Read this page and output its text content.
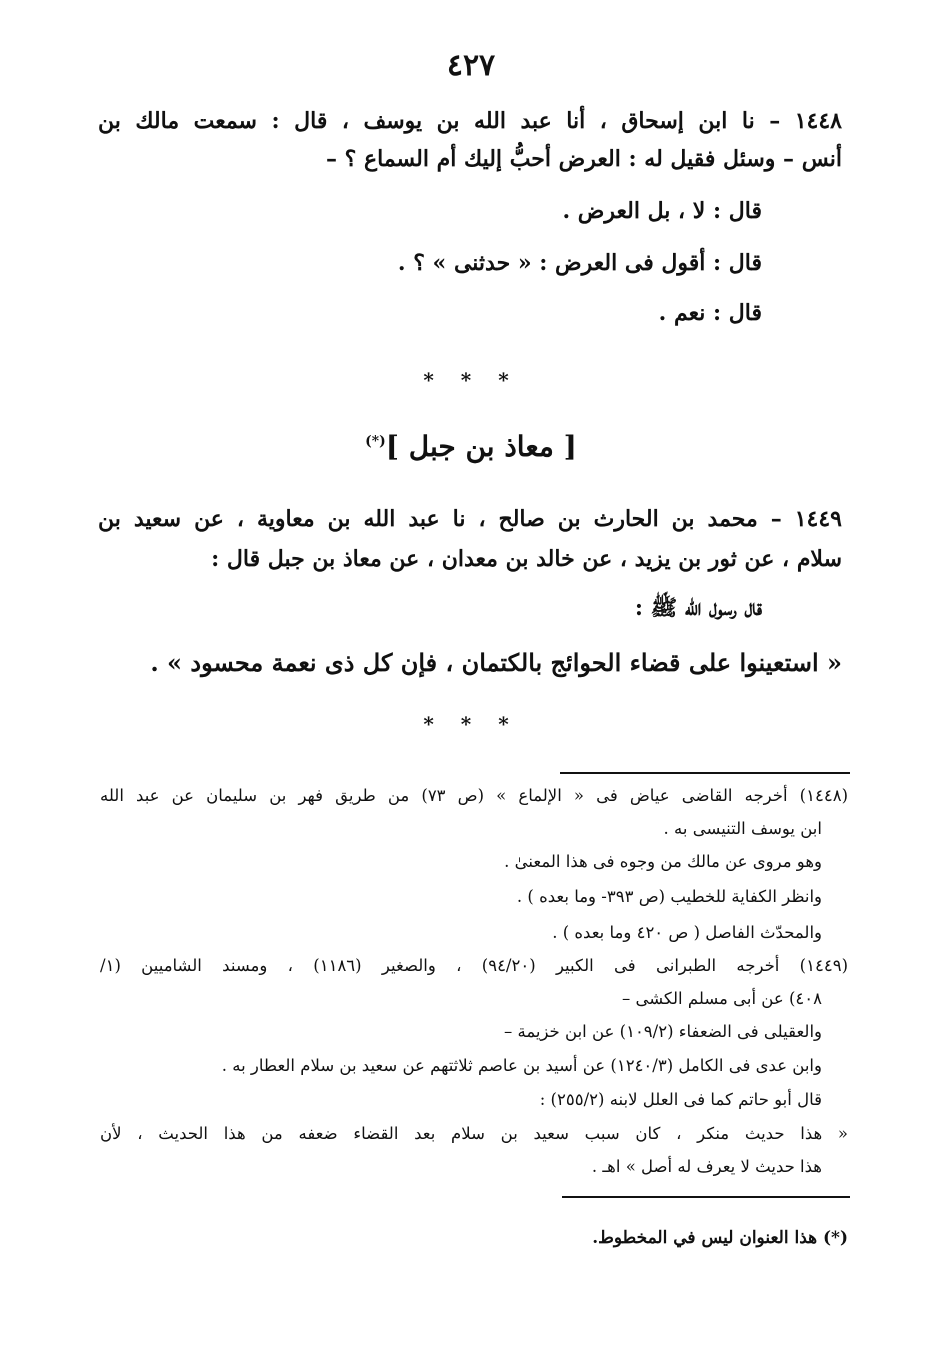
٤٢٧
١٤٤٨ – نا ابن إسحاق ، أنا عبد الله بن يوسف ، قال : سمعت مالك بن
أنس – وسئل فقيل له : العرض أحبُّ إليك أم السماع ؟ –
قال : لا ، بل العرض .
قال : أقول فى العرض : « حدثنى » ؟ .
قال : نعم .
* * *
[ معاذ بن جبل ](*)
١٤٤٩ – محمد بن الحارث بن صالح ، نا عبد الله بن معاوية ، عن سعيد بن
سلام ، عن ثور بن يزيد ، عن خالد بن معدان ، عن معاذ بن جبل قال :
قال رسول الله ﷺ :
« استعينوا على قضاء الحوائج بالكتمان ، فإن كل ذى نعمة محسود » .
* * *
(١٤٤٨) أخرجه القاضى عياض فى « الإلماع » (ص ٧٣) من طريق فهر بن سليمان عن عبد الله
ابن يوسف التنيسى به .
وهو مروى عن مالك من وجوه فى هذا المعنىٰ .
وانظر الكفاية للخطيب (ص ٣٩٣- وما بعده ) .
والمحدّث الفاصل ( ص ٤٢٠ وما بعده ) .
(١٤٤٩) أخرجه الطبرانى فى الكبير (٩٤/٢٠) ، والصغير (١١٨٦) ، ومسند الشاميين (١/
٤٠٨) عن أبى مسلم الكشى –
والعقيلى فى الضعفاء (١٠٩/٢) عن ابن خزيمة –
وابن عدى فى الكامل (١٢٤٠/٣) عن أسيد بن عاصم ثلاثتهم عن سعيد بن سلام العطار به .
قال أبو حاتم كما فى العلل لابنه (٢٥٥/٢) :
« هذا حديث منكر ، كان سبب سعيد بن سلام بعد القضاء ضعفه من هذا الحديث ، لأن
هذا حديث لا يعرف له أصل » اهـ .
(*) هذا العنوان ليس في المخطوط.
